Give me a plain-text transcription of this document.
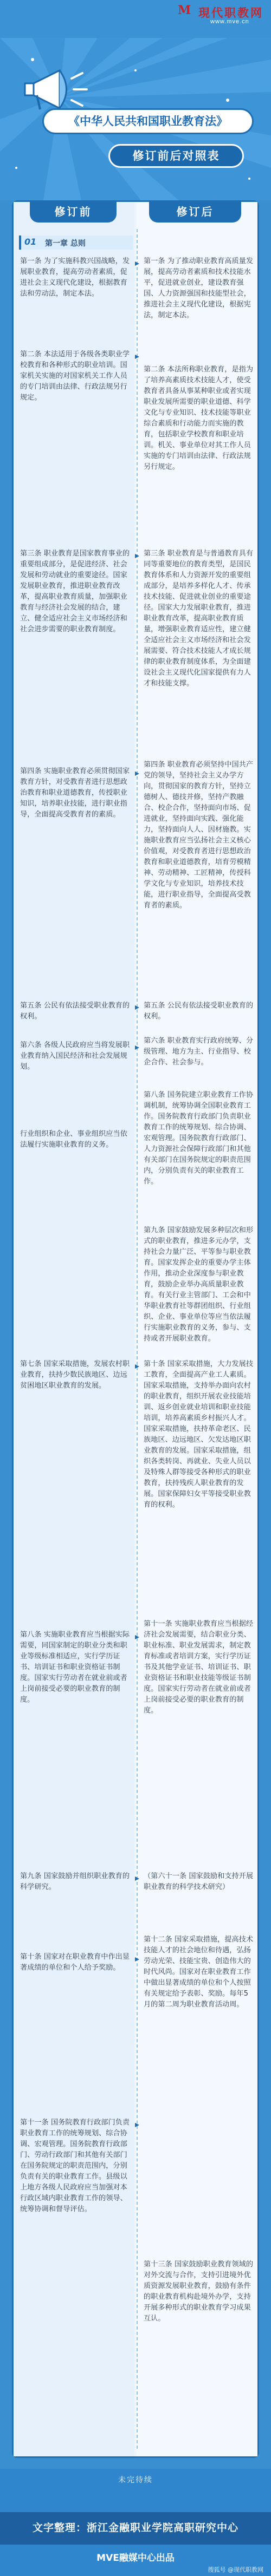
M 現代职教网
www.mve.cn
《中华人民共和国职业教育法》
修订前后对照表
修订前	修订后
01 第一章 总则
第一条 为了实施科教兴国战略，发展职业教育，提高劳动者素质，促进社会主义现代化建设，根据教育法和劳动法，制定本法。
第二条 本法适用于各级各类职业学校教育和各种形式的职业培训。国家机关实施的对国家机关工作人员的专门培训由法律、行政法规另行规定。
第三条 职业教育是国家教育事业的重要组成部分，是促进经济、社会发展和劳动就业的重要途径。国家发展职业教育，推进职业教育改革，提高职业教育质量，加强职业教育与经济社会发展的结合，建立、健全适应社会主义市场经济和社会进步需要的职业教育制度。
第四条 实施职业教育必须贯彻国家教育方针，对受教育者进行思想政治教育和职业道德教育，传授职业知识，培养职业技能，进行职业指导，全面提高受教育者的素质。
第五条 公民有依法接受职业教育的权利。
第六条 各级人民政府应当将发展职业教育纳入国民经济和社会发展规划。
行业组织和企业、事业组织应当依法履行实施职业教育的义务。
第七条 国家采取措施，发展农村职业教育，扶持少数民族地区、边远贫困地区职业教育的发展。
第八条 实施职业教育应当根据实际需要，同国家制定的职业分类和职业等级标准相适应，实行学历证书、培训证书和职业资格证书制度。国家实行劳动者在就业前或者上岗前接受必要的职业教育的制度。
第九条 国家鼓励并组织职业教育的科学研究。
第十条 国家对在职业教育中作出显著成绩的单位和个人给予奖励。
第十一条 国务院教育行政部门负责职业教育工作的统筹规划、综合协调、宏观管理。国务院教育行政部门、劳动行政部门和其他有关部门在国务院规定的职责范围内，分别负责有关的职业教育工作。县级以上地方各级人民政府应当加强对本行政区域内职业教育工作的领导、统筹协调和督导评估。
第一条 为了推动职业教育高质量发展，提高劳动者素质和技术技能水平，促进就业创业，建设教育强国、人力资源强国和技能型社会，推进社会主义现代化建设，根据宪法，制定本法。
第二条 本法所称职业教育，是指为了培养高素质技术技能人才，使受教育者具备从事某种职业或者实现职业发展所需要的职业道德、科学文化与专业知识、技术技能等职业综合素质和行动能力而实施的教育，包括职业学校教育和职业培训。机关、事业单位对其工作人员实施的专门培训由法律、行政法规另行规定。
第三条 职业教育是与普通教育具有同等重要地位的教育类型，是国民教育体系和人力资源开发的重要组成部分，是培养多样化人才、传承技术技能、促进就业创业的重要途径。国家大力发展职业教育，推进职业教育改革，提高职业教育质量，增强职业教育适应性，建立健全适应社会主义市场经济和社会发展需要、符合技术技能人才成长规律的职业教育制度体系，为全面建设社会主义现代化国家提供有力人才和技能支撑。
第四条 职业教育必须坚持中国共产党的领导，坚持社会主义办学方向，贯彻国家的教育方针，坚持立德树人、德技并修，坚持产教融合、校企合作，坚持面向市场、促进就业，坚持面向实践、强化能力，坚持面向人人、因材施教。实施职业教育应当弘扬社会主义核心价值观，对受教育者进行思想政治教育和职业道德教育，培育劳模精神、劳动精神、工匠精神，传授科学文化与专业知识，培养技术技能，进行职业指导，全面提高受教育者的素质。
第五条 公民有依法接受职业教育的权利。
第六条 职业教育实行政府统筹、分级管理、地方为主、行业指导、校企合作、社会参与。
第八条 国务院建立职业教育工作协调机制，统筹协调全国职业教育工作。国务院教育行政部门负责职业教育工作的统筹规划、综合协调、宏观管理。国务院教育行政部门、人力资源社会保障行政部门和其他有关部门在国务院规定的职责范围内，分别负责有关的职业教育工作。
第九条 国家鼓励发展多种层次和形式的职业教育，推进多元办学，支持社会力量广泛、平等参与职业教育。国家发挥企业的重要办学主体作用，推动企业深度参与职业教育，鼓励企业举办高质量职业教育。有关行业主管部门、工会和中华职业教育社等群团组织、行业组织、企业、事业单位等应当依法履行实施职业教育的义务，参与、支持或者开展职业教育。
第十条 国家采取措施，大力发展技工教育，全面提高产业工人素质。国家采取措施，支持举办面向农村的职业教育，组织开展农业技能培训、返乡创业就业培训和职业技能培训，培养高素质乡村振兴人才。国家采取措施，扶持革命老区、民族地区、边远地区、欠发达地区职业教育的发展。国家采取措施，组织各类转岗、再就业、失业人员以及特殊人群等接受各种形式的职业教育，扶持残疾人职业教育的发展。国家保障妇女平等接受职业教育的权利。
第十一条 实施职业教育应当根据经济社会发展需要，结合职业分类、职业标准、职业发展需求，制定教育标准或者培训方案，实行学历证书及其他学业证书、培训证书、职业资格证书和职业技能等级证书制度。国家实行劳动者在就业前或者上岗前接受必要的职业教育的制度。
（第六十一条 国家鼓励和支持开展职业教育的科学技术研究）
第十二条 国家采取措施，提高技术技能人才的社会地位和待遇，弘扬劳动光荣、技能宝贵、创造伟大的时代风尚。国家对在职业教育工作中做出显著成绩的单位和个人按照有关规定给予表彰、奖励。每年5月的第二周为职业教育活动周。
第十三条 国家鼓励职业教育领域的对外交流与合作，支持引进境外优质资源发展职业教育，鼓励有条件的职业教育机构赴境外办学，支持开展多种形式的职业教育学习成果互认。
未完待续
文字整理：浙江金融职业学院高职研究中心
MVE融媒中心出品
搜狐号 @现代职教网
